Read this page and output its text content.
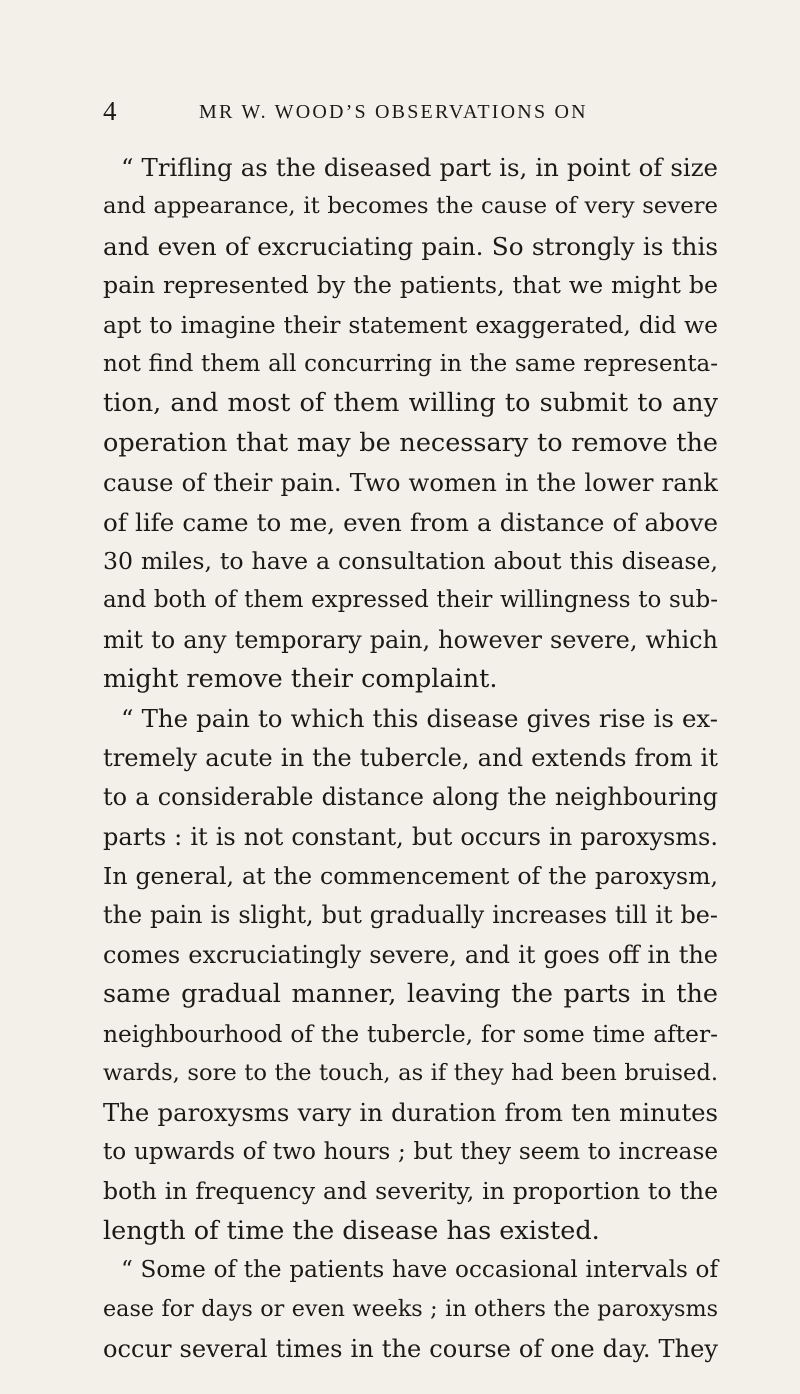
4	MR W. WOOD’S OBSERVATIONS ON
“ Trifling as the diseased part is, in point of size
and appearance, it becomes the cause of very severe
and even of excruciating pain. So strongly is this
pain represented by the patients, that we might be
apt to imagine their statement exaggerated, did we
not find them all concurring in the same representa-
tion, and most of them willing to submit to any
operation that may be necessary to remove the
cause of their pain. Two women in the lower rank
of life came to me, even from a distance of above
30 miles, to have a consultation about this disease,
and both of them expressed their willingness to sub-
mit to any temporary pain, however severe, which
might remove their complaint.
“ The pain to which this disease gives rise is ex-
tremely acute in the tubercle, and extends from it
to a considerable distance along the neighbouring
parts : it is not constant, but occurs in paroxysms.
In general, at the commencement of the paroxysm,
the pain is slight, but gradually increases till it be-
comes excruciatingly severe, and it goes off in the
same gradual manner, leaving the parts in the
neighbourhood of the tubercle, for some time after-
wards, sore to the touch, as if they had been bruised.
The paroxysms vary in duration from ten minutes
to upwards of two hours ; but they seem to increase
both in frequency and severity, in proportion to the
length of time the disease has existed.
“ Some of the patients have occasional intervals of
ease for days or even weeks ; in others the paroxysms
occur several times in the course of one day. They
